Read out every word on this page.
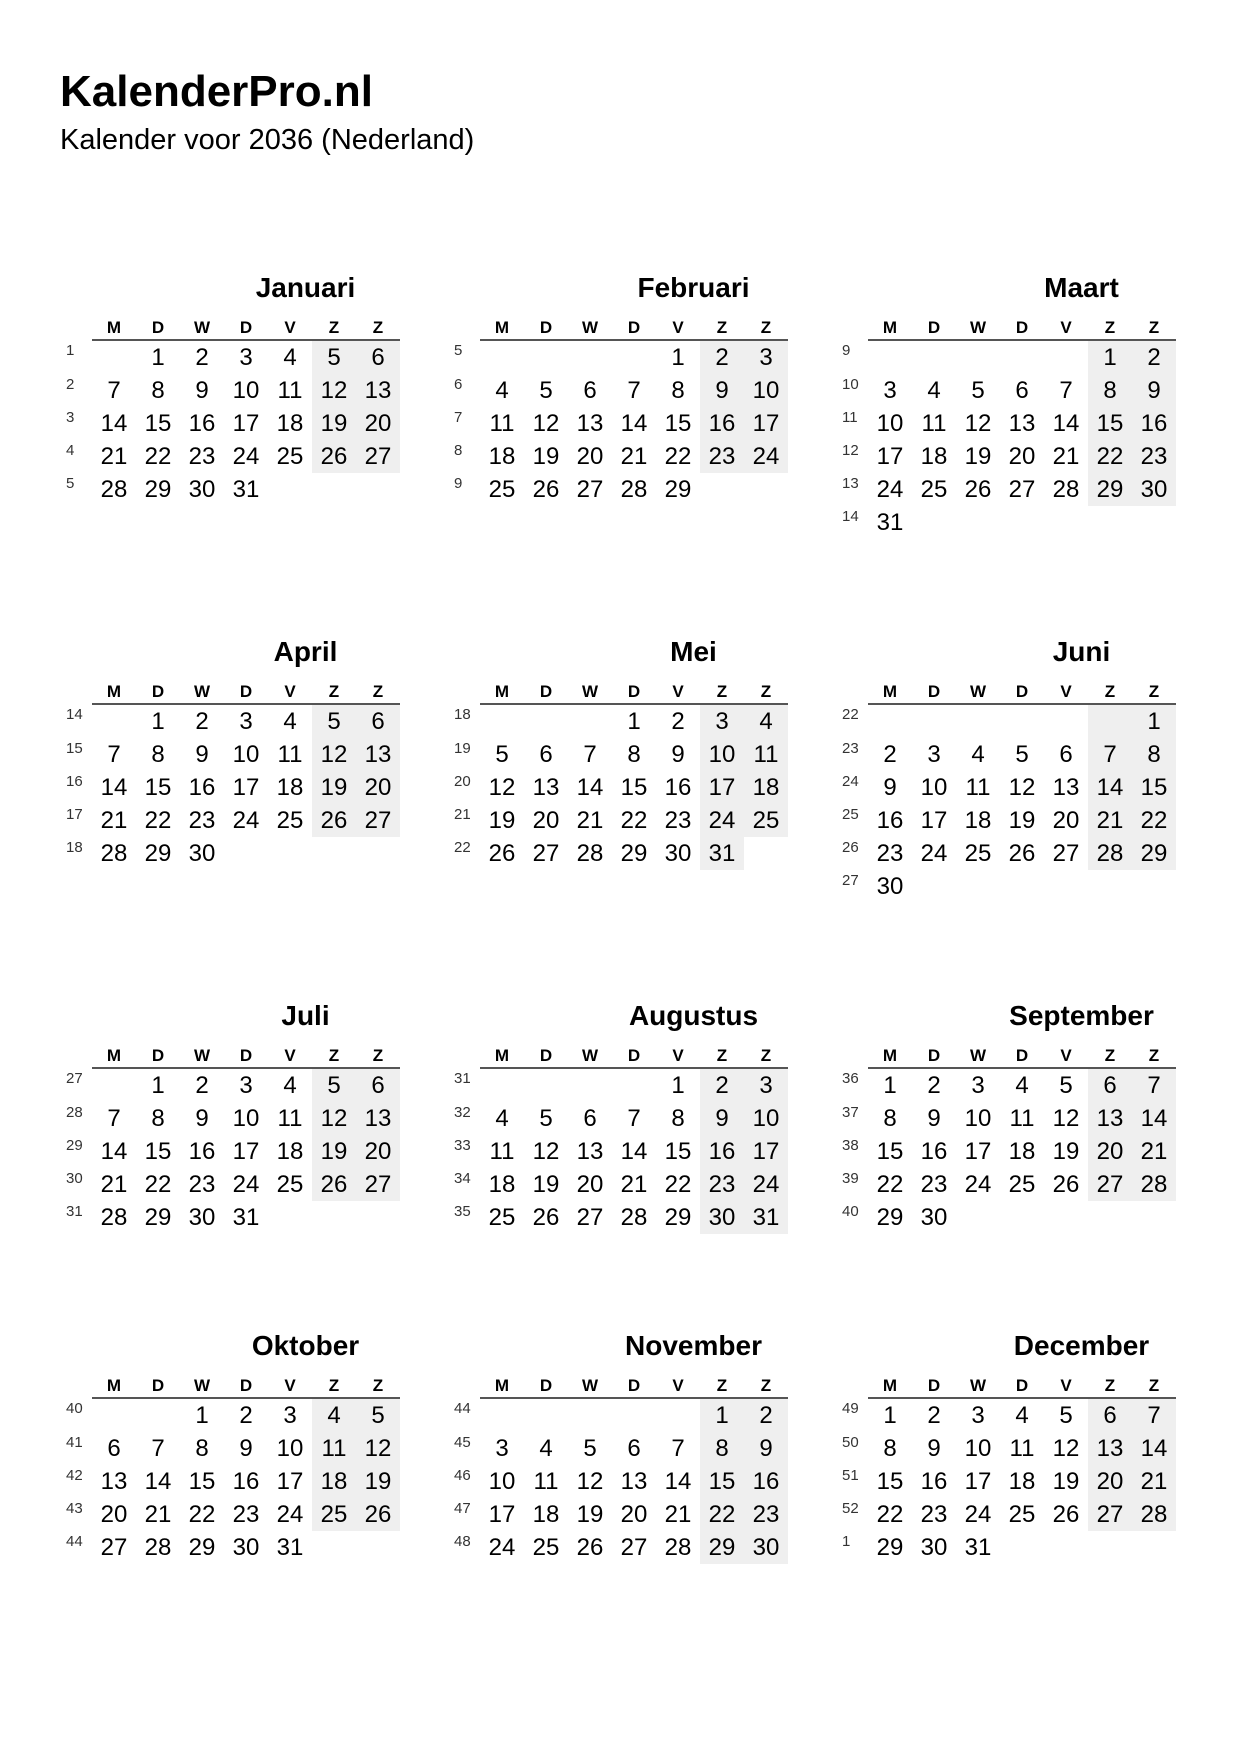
KalenderPro.nl

Kalender voor 2036 (Nederland)

Januari
	M	D	W	D	V	Z	Z
1		1	2	3	4	5	6
2	7	8	9	10	11	12	13
3	14	15	16	17	18	19	20
4	21	22	23	24	25	26	27
5	28	29	30	31			
Februari
	M	D	W	D	V	Z	Z
5					1	2	3
6	4	5	6	7	8	9	10
7	11	12	13	14	15	16	17
8	18	19	20	21	22	23	24
9	25	26	27	28	29		
Maart
	M	D	W	D	V	Z	Z
9						1	2
10	3	4	5	6	7	8	9
11	10	11	12	13	14	15	16
12	17	18	19	20	21	22	23
13	24	25	26	27	28	29	30
14	31						
April
	M	D	W	D	V	Z	Z
14		1	2	3	4	5	6
15	7	8	9	10	11	12	13
16	14	15	16	17	18	19	20
17	21	22	23	24	25	26	27
18	28	29	30				
Mei
	M	D	W	D	V	Z	Z
18				1	2	3	4
19	5	6	7	8	9	10	11
20	12	13	14	15	16	17	18
21	19	20	21	22	23	24	25
22	26	27	28	29	30	31	
Juni
	M	D	W	D	V	Z	Z
22							1
23	2	3	4	5	6	7	8
24	9	10	11	12	13	14	15
25	16	17	18	19	20	21	22
26	23	24	25	26	27	28	29
27	30						
Juli
	M	D	W	D	V	Z	Z
27		1	2	3	4	5	6
28	7	8	9	10	11	12	13
29	14	15	16	17	18	19	20
30	21	22	23	24	25	26	27
31	28	29	30	31			
Augustus
	M	D	W	D	V	Z	Z
31					1	2	3
32	4	5	6	7	8	9	10
33	11	12	13	14	15	16	17
34	18	19	20	21	22	23	24
35	25	26	27	28	29	30	31
September
	M	D	W	D	V	Z	Z
36	1	2	3	4	5	6	7
37	8	9	10	11	12	13	14
38	15	16	17	18	19	20	21
39	22	23	24	25	26	27	28
40	29	30					
Oktober
	M	D	W	D	V	Z	Z
40			1	2	3	4	5
41	6	7	8	9	10	11	12
42	13	14	15	16	17	18	19
43	20	21	22	23	24	25	26
44	27	28	29	30	31		
November
	M	D	W	D	V	Z	Z
44						1	2
45	3	4	5	6	7	8	9
46	10	11	12	13	14	15	16
47	17	18	19	20	21	22	23
48	24	25	26	27	28	29	30
December
	M	D	W	D	V	Z	Z
49	1	2	3	4	5	6	7
50	8	9	10	11	12	13	14
51	15	16	17	18	19	20	21
52	22	23	24	25	26	27	28
1	29	30	31				
